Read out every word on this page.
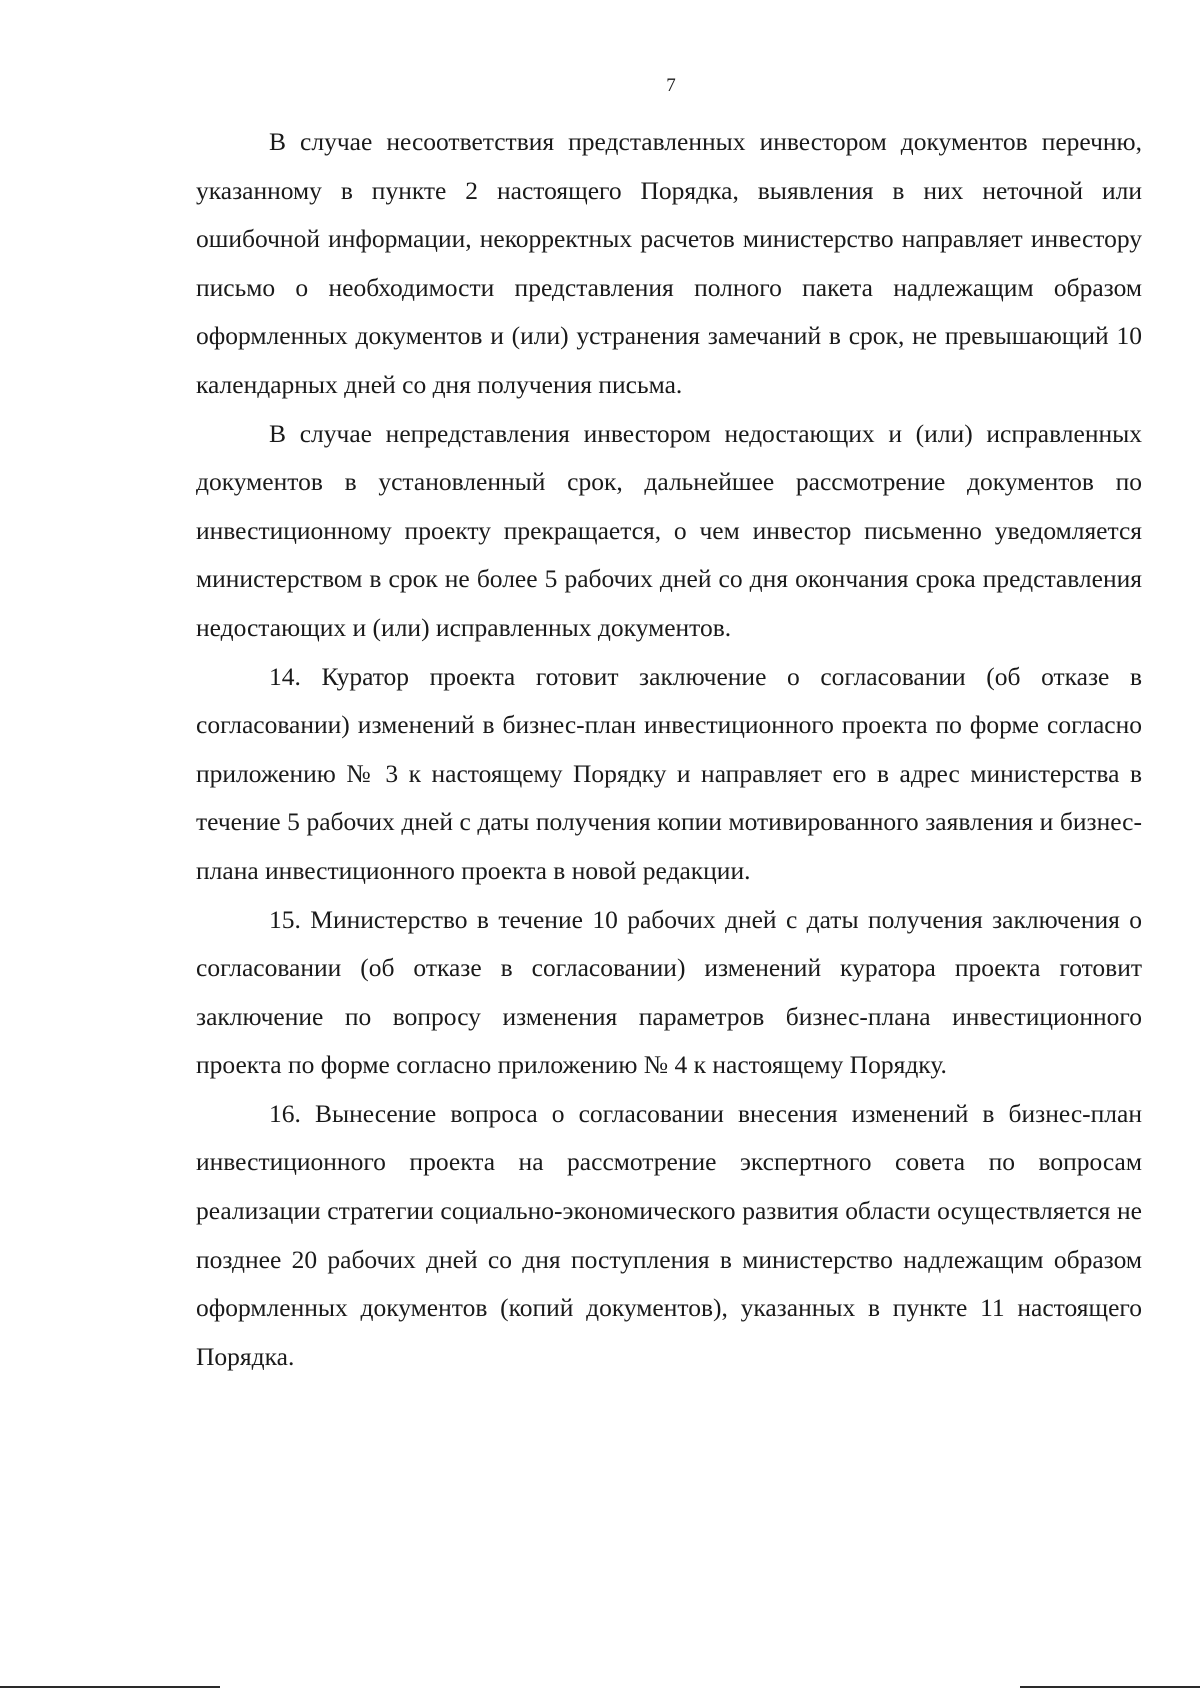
7

В случае несоответствия представленных инвестором документов перечню, указанному в пункте 2 настоящего Порядка, выявления в них неточной или ошибочной информации, некорректных расчетов министерство направляет инвестору письмо о необходимости представления полного пакета надлежащим образом оформленных документов и (или) устранения замечаний в срок, не превышающий 10 календарных дней со дня получения письма.

В случае непредставления инвестором недостающих и (или) исправленных документов в установленный срок, дальнейшее рассмотрение документов по инвестиционному проекту прекращается, о чем инвестор письменно уведомляется министерством в срок не более 5 рабочих дней со дня окончания срока представления недостающих и (или) исправленных документов.

14. Куратор проекта готовит заключение о согласовании (об отказе в согласовании) изменений в бизнес-план инвестиционного проекта по форме согласно приложению № 3 к настоящему Порядку и направляет его в адрес министерства в течение 5 рабочих дней с даты получения копии мотивированного заявления и бизнес-плана инвестиционного проекта в новой редакции.

15. Министерство в течение 10 рабочих дней с даты получения заключения о согласовании (об отказе в согласовании) изменений куратора проекта готовит заключение по вопросу изменения параметров бизнес-плана инвестиционного проекта по форме согласно приложению № 4 к настоящему Порядку.

16. Вынесение вопроса о согласовании внесения изменений в бизнес-план инвестиционного проекта на рассмотрение экспертного совета по вопросам реализации стратегии социально-экономического развития области осуществляется не позднее 20 рабочих дней со дня поступления в министерство надлежащим образом оформленных документов (копий документов), указанных в пункте 11 настоящего Порядка.
